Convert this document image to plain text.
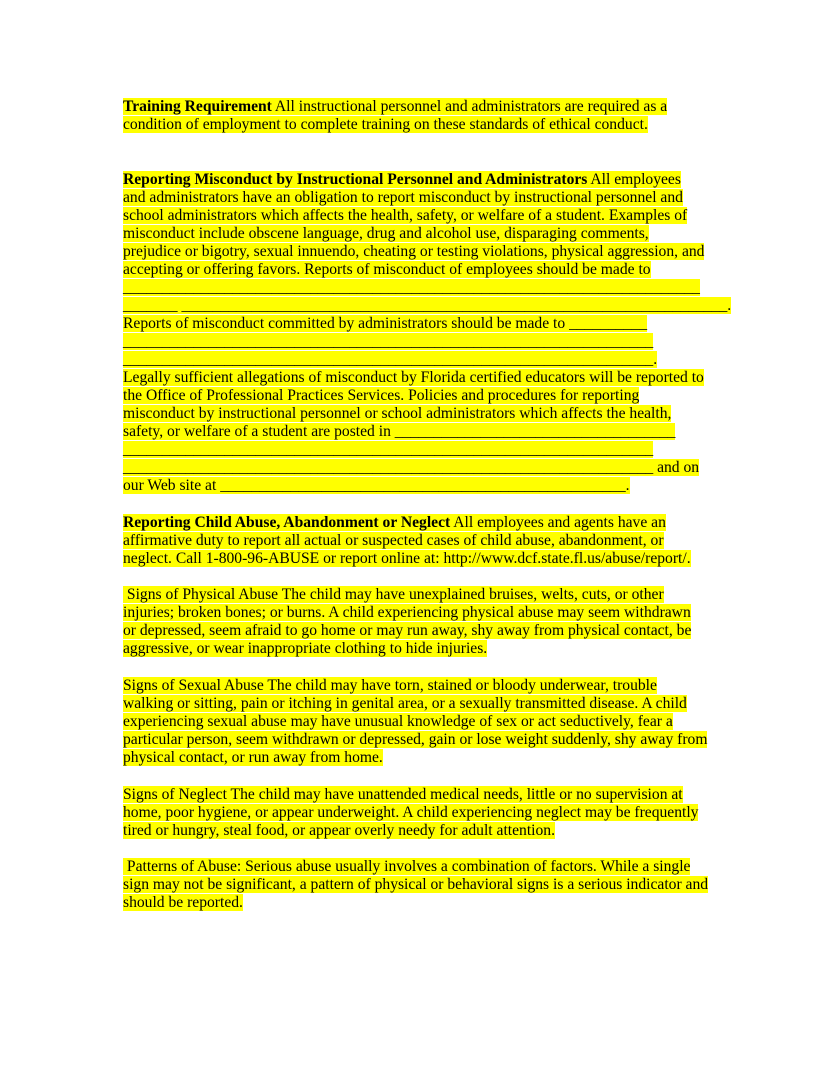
Training Requirement All instructional personnel and administrators are required as a
condition of employment to complete training on these standards of ethical conduct.
Reporting Misconduct by Instructional Personnel and Administrators All employees
and administrators have an obligation to report misconduct by instructional personnel and
school administrators which affects the health, safety, or welfare of a student. Examples of
misconduct include obscene language, drug and alcohol use, disparaging comments,
prejudice or bigotry, sexual innuendo, cheating or testing violations, physical aggression, and
accepting or offering favors. Reports of misconduct of employees should be made to
__________________________________________________________________________
_______ ______________________________________________________________________.
Reports of misconduct committed by administrators should be made to __________
____________________________________________________________________
____________________________________________________________________.
Legally sufficient allegations of misconduct by Florida certified educators will be reported to
the Office of Professional Practices Services. Policies and procedures for reporting
misconduct by instructional personnel or school administrators which affects the health,
safety, or welfare of a student are posted in ____________________________________
____________________________________________________________________
____________________________________________________________________ and on
our Web site at ____________________________________________________.
Reporting Child Abuse, Abandonment or Neglect All employees and agents have an
affirmative duty to report all actual or suspected cases of child abuse, abandonment, or
neglect. Call 1-800-96-ABUSE or report online at: http://www.dcf.state.fl.us/abuse/report/.
Signs of Physical Abuse The child may have unexplained bruises, welts, cuts, or other
injuries; broken bones; or burns. A child experiencing physical abuse may seem withdrawn
or depressed, seem afraid to go home or may run away, shy away from physical contact, be
aggressive, or wear inappropriate clothing to hide injuries.
Signs of Sexual Abuse The child may have torn, stained or bloody underwear, trouble
walking or sitting, pain or itching in genital area, or a sexually transmitted disease. A child
experiencing sexual abuse may have unusual knowledge of sex or act seductively, fear a
particular person, seem withdrawn or depressed, gain or lose weight suddenly, shy away from
physical contact, or run away from home.
Signs of Neglect The child may have unattended medical needs, little or no supervision at
home, poor hygiene, or appear underweight. A child experiencing neglect may be frequently
tired or hungry, steal food, or appear overly needy for adult attention.
Patterns of Abuse: Serious abuse usually involves a combination of factors. While a single
sign may not be significant, a pattern of physical or behavioral signs is a serious indicator and
should be reported.
